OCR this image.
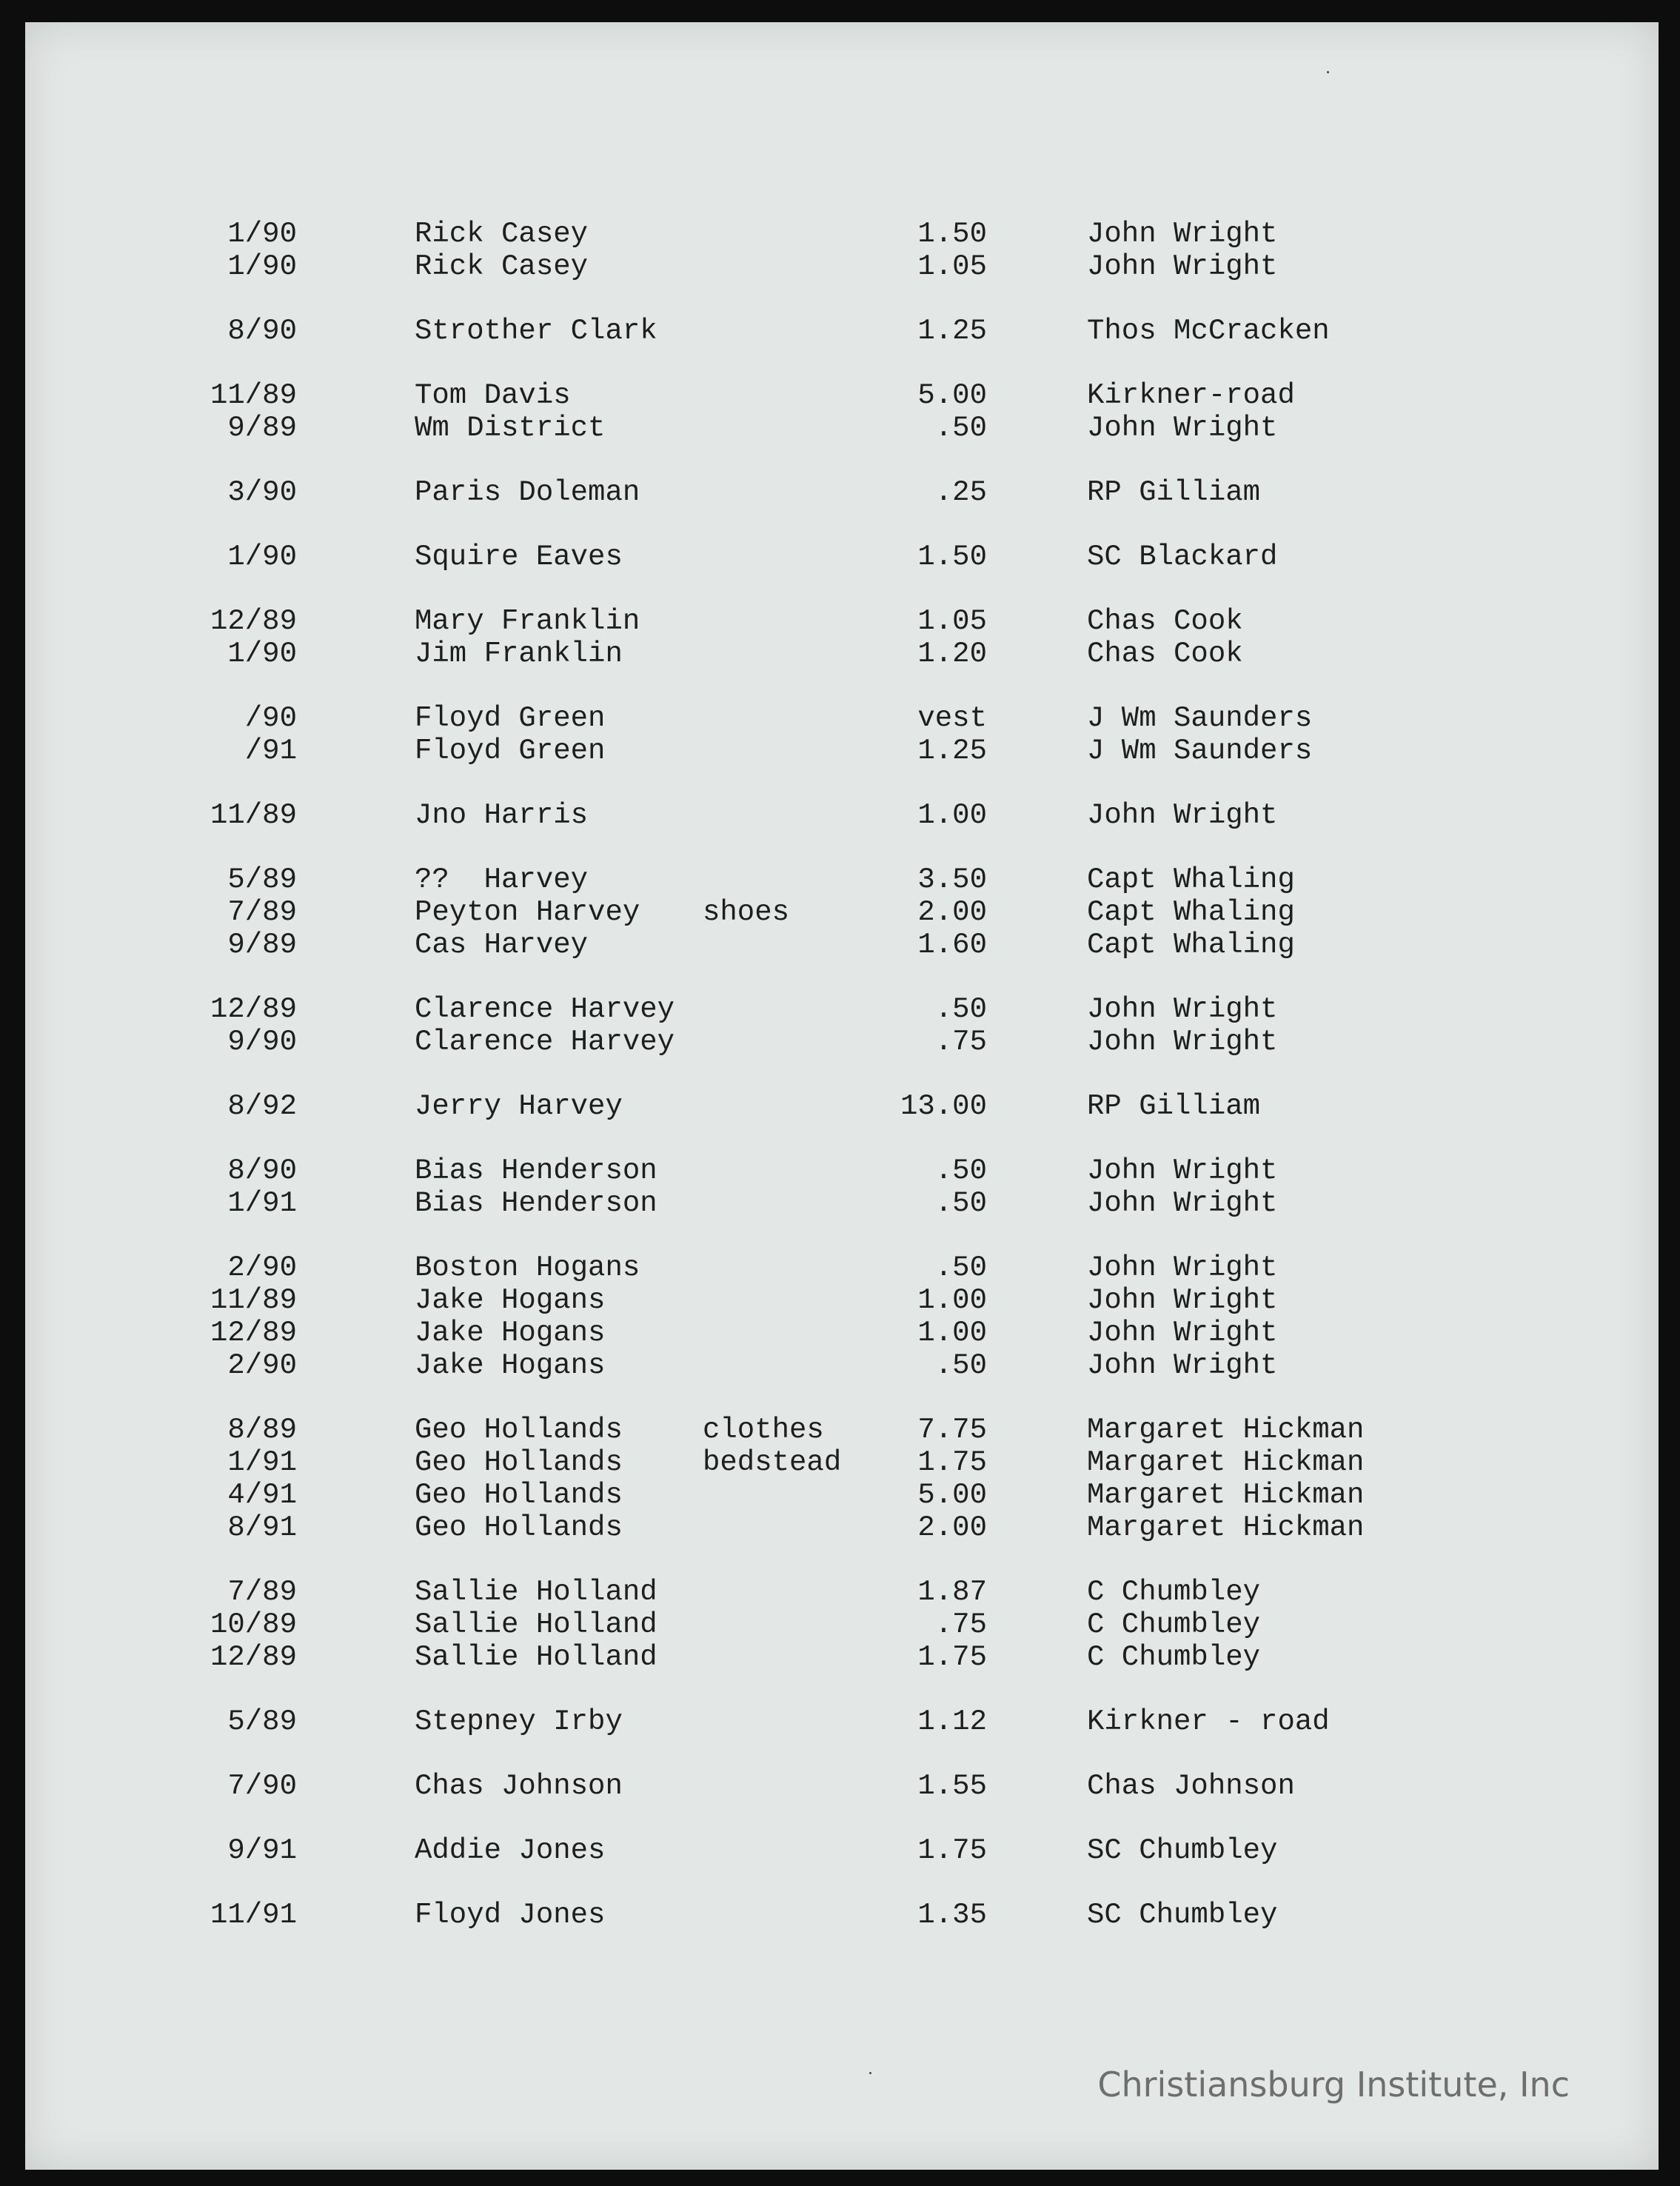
1/90	Rick Casey	1.50	John Wright
1/90	Rick Casey	1.05	John Wright
8/90	Strother Clark	1.25	Thos McCracken
11/89	Tom Davis	5.00	Kirkner-road
9/89	Wm District	.50	John Wright
3/90	Paris Doleman	.25	RP Gilliam
1/90	Squire Eaves	1.50	SC Blackard
12/89	Mary Franklin	1.05	Chas Cook
1/90	Jim Franklin	1.20	Chas Cook
/90	Floyd Green	vest	J Wm Saunders
/91	Floyd Green	1.25	J Wm Saunders
11/89	Jno Harris	1.00	John Wright
5/89	??  Harvey	3.50	Capt Whaling
7/89	Peyton Harvey shoes	2.00	Capt Whaling
9/89	Cas Harvey	1.60	Capt Whaling
12/89	Clarence Harvey	.50	John Wright
9/90	Clarence Harvey	.75	John Wright
8/92	Jerry Harvey	13.00	RP Gilliam
8/90	Bias Henderson	.50	John Wright
1/91	Bias Henderson	.50	John Wright
2/90	Boston Hogans	.50	John Wright
11/89	Jake Hogans	1.00	John Wright
12/89	Jake Hogans	1.00	John Wright
2/90	Jake Hogans	.50	John Wright
8/89	Geo Hollands	clothes	7.75	Margaret Hickman
1/91	Geo Hollands	bedstead	1.75	Margaret Hickman
4/91	Geo Hollands	5.00	Margaret Hickman
8/91	Geo Hollands	2.00	Margaret Hickman
7/89	Sallie Holland	1.87	C Chumbley
10/89	Sallie Holland	.75	C Chumbley
12/89	Sallie Holland	1.75	C Chumbley
5/89	Stepney Irby	1.12	Kirkner - road
7/90	Chas Johnson	1.55	Chas Johnson
9/91	Addie Jones	1.75	SC Chumbley
11/91	Floyd Jones	1.35	SC Chumbley
Christiansburg Institute, Inc
